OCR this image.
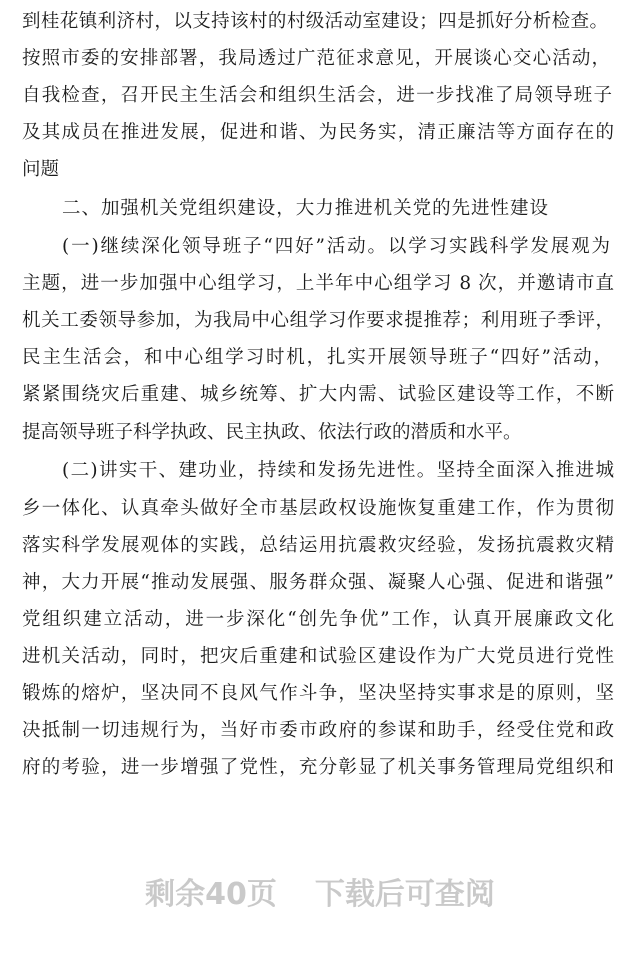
到桂花镇利济村，以支持该村的村级活动室建设；四是抓好分析检查。
按照市委的安排部署，我局透过广范征求意见，开展谈心交心活动，
自我检查，召开民主生活会和组织生活会，进一步找准了局领导班子
及其成员在推进发展，促进和谐、为民务实，清正廉洁等方面存在的
问题
二、加强机关党组织建设，大力推进机关党的先进性建设
(一)继续深化领导班子“四好”活动。以学习实践科学发展观为
主题，进一步加强中心组学习，上半年中心组学习 8 次，并邀请市直
机关工委领导参加，为我局中心组学习作要求提推荐；利用班子季评，
民主生活会，和中心组学习时机，扎实开展领导班子“四好”活动，
紧紧围绕灾后重建、城乡统筹、扩大内需、试验区建设等工作，不断
提高领导班子科学执政、民主执政、依法行政的潜质和水平。
(二)讲实干、建功业，持续和发扬先进性。坚持全面深入推进城
乡一体化、认真牵头做好全市基层政权设施恢复重建工作，作为贯彻
落实科学发展观体的实践，总结运用抗震救灾经验，发扬抗震救灾精
神，大力开展“推动发展强、服务群众强、凝聚人心强、促进和谐强”
党组织建立活动，进一步深化“创先争优”工作，认真开展廉政文化
进机关活动，同时，把灾后重建和试验区建设作为广大党员进行党性
锻炼的熔炉，坚决同不良风气作斗争，坚决坚持实事求是的原则，坚
决抵制一切违规行为，当好市委市政府的参谋和助手，经受住党和政
府的考验，进一步增强了党性，充分彰显了机关事务管理局党组织和
剩余40页 下载后可查阅
